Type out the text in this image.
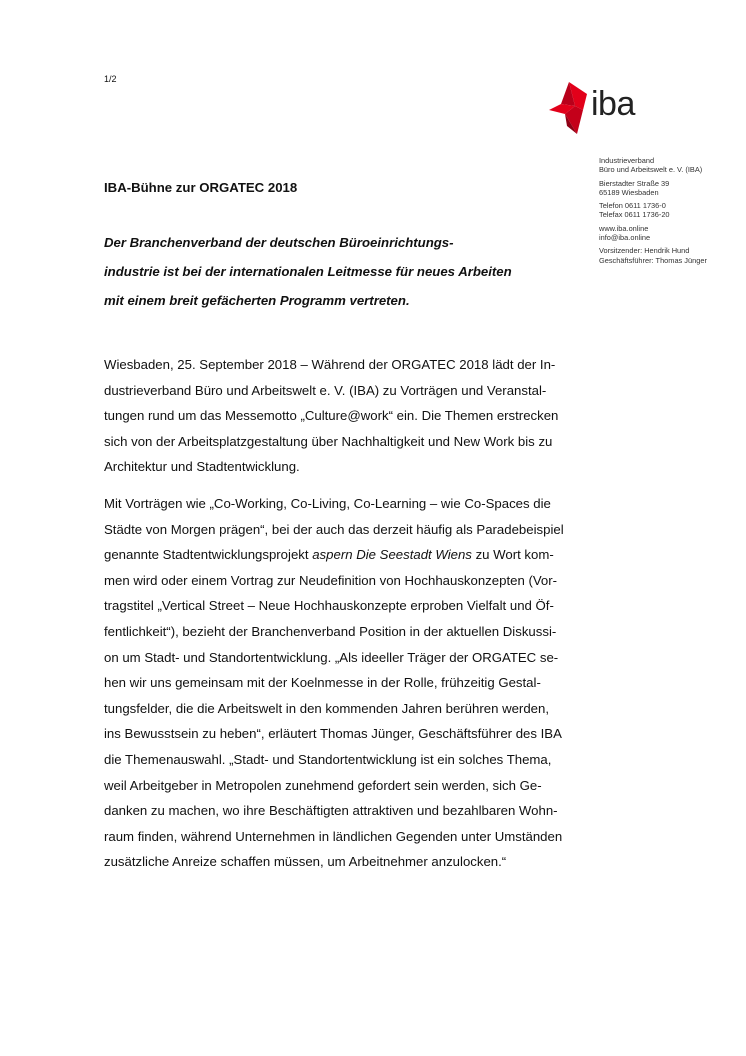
1/2
iba
Industrieverband
Büro und Arbeitswelt e. V. (IBA)
Bierstadter Straße 39
65189 Wiesbaden
Telefon 0611 1736-0
Telefax 0611 1736-20
www.iba.online
info@iba.online
Vorsitzender: Hendrik Hund
Geschäftsführer: Thomas Jünger
IBA-Bühne zur ORGATEC 2018
Der Branchenverband der deutschen Büroeinrichtungs-
industrie ist bei der internationalen Leitmesse für neues Arbeiten
mit einem breit gefächerten Programm vertreten.

Wiesbaden, 25. September 2018 – Während der ORGATEC 2018 lädt der In-
dustrieverband Büro und Arbeitswelt e. V. (IBA) zu Vorträgen und Veranstal-
tungen rund um das Messemotto „Culture@work“ ein. Die Themen erstrecken
sich von der Arbeitsplatzgestaltung über Nachhaltigkeit und New Work bis zu
Architektur und Stadtentwicklung.

Mit Vorträgen wie „Co-Working, Co-Living, Co-Learning – wie Co-Spaces die
Städte von Morgen prägen“, bei der auch das derzeit häufig als Paradebeispiel
genannte Stadtentwicklungsprojekt aspern Die Seestadt Wiens zu Wort kom-
men wird oder einem Vortrag zur Neudefinition von Hochhauskonzepten (Vor-
tragstitel „Vertical Street – Neue Hochhauskonzepte erproben Vielfalt und Öf-
fentlichkeit“), bezieht der Branchenverband Position in der aktuellen Diskussi-
on um Stadt- und Standortentwicklung. „Als ideeller Träger der ORGATEC se-
hen wir uns gemeinsam mit der Koelnmesse in der Rolle, frühzeitig Gestal-
tungsfelder, die die Arbeitswelt in den kommenden Jahren berühren werden,
ins Bewusstsein zu heben“, erläutert Thomas Jünger, Geschäftsführer des IBA
die Themenauswahl. „Stadt- und Standortentwicklung ist ein solches Thema,
weil Arbeitgeber in Metropolen zunehmend gefordert sein werden, sich Ge-
danken zu machen, wo ihre Beschäftigten attraktiven und bezahlbaren Wohn-
raum finden, während Unternehmen in ländlichen Gegenden unter Umständen
zusätzliche Anreize schaffen müssen, um Arbeitnehmer anzulocken.“
